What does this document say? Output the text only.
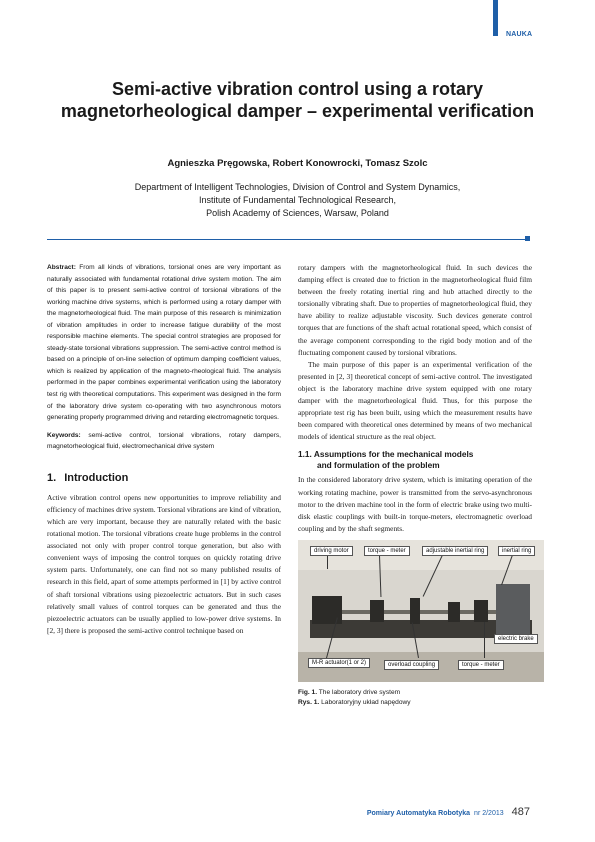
NAUKA
Semi-active vibration control using a rotary magnetorheological damper – experimental verification
Agnieszka Pręgowska, Robert Konowrocki, Tomasz Szolc
Department of Intelligent Technologies, Division of Control and System Dynamics,
Institute of Fundamental Technological Research,
Polish Academy of Sciences, Warsaw, Poland

Abstract: From all kinds of vibrations, torsional ones are very important as naturally associated with fundamental rotational drive system motion. The aim of this paper is to present semi-active control of torsional vibrations of the working machine drive systems, which is performed using a rotary damper with the magnetorheological fluid. The main purpose of this research is minimization of vibration amplitudes in order to increase fatigue durability of the most responsible machine elements. The special control strategies are proposed for steady-state torsional vibrations suppression. The semi-active control method is based on a principle of on-line selection of optimum damping coefficient values, which is realized by application of the magneto-rheological fluid. The analysis performed in the paper combines experimental verification using the laboratory test rig with theoretical computations. This experiment was designed in the form of the laboratory drive system co-operating with two asynchronous motors generating properly programmed driving and retarding electromagnetic torques.

Keywords: semi-active control, torsional vibrations, rotary dampers, magnetorheological fluid, electromechanical drive system

1. Introduction

Active vibration control opens new opportunities to improve reliability and efficiency of machines drive system. Torsional vibrations are kind of vibration, which are very important, because they are naturally related with the basic rotational motion. The torsional vibrations create huge problems in the control associated not only with proper control torque generation, but also with convenient ways of imposing the control torques on quickly rotating drive system parts. Unfortunately, one can find not so many published results of research in this field, apart of some attempts performed in [1] by active control of shaft torsional vibrations using piezoelectric actuators. But in such cases relatively small values of control torques can be generated and thus the piezoelectric actuators can be usually applied to low-power drive systems. In [2, 3] there is proposed the semi-active control technique based on

rotary dampers with the magnetorheological fluid. In such devices the damping effect is created due to friction in the magnetorheological fluid film between the freely rotating inertial ring and hub attached directly to the torsionally vibrating shaft. Due to properties of magnetorheological fluid, they have ability to realize adjustable viscosity. Such devices generate control torques that are functions of the shaft actual rotational speed, which consist of the average component corresponding to the rigid body motion and of the fluctuating component caused by torsional vibrations.

The main purpose of this paper is an experimental verification of the presented in [2, 3] theoretical concept of semi-active control. The investigated object is the laboratory machine drive system equipped with one rotary damper with the magnetorheological fluid. Thus, for this purpose the appropriate test rig has been built, using which the measurement results have been compared with theoretical ones determined by means of two mechanical models of identical structure as the real object.

1.1. Assumptions for the mechanical models
and formulation of the problem

In the considered laboratory drive system, which is imitating operation of the working rotating machine, power is transmitted from the servo-asynchronous motor to the driven machine tool in the form of electric brake using two multi-disk elastic couplings with built-in torque-meters, electromagnetic overload coupling and by the shaft segments.

driving motor	torque - meter	adjustable inertial ring	inertial ring
electric brake
M-R actuator(1 or 2)	overload coupling	torque - meter
Fig. 1. The laboratory drive system
Rys. 1. Laboratoryjny układ napędowy
Pomiary Automatyka Robotyka nr 2/2013 487
